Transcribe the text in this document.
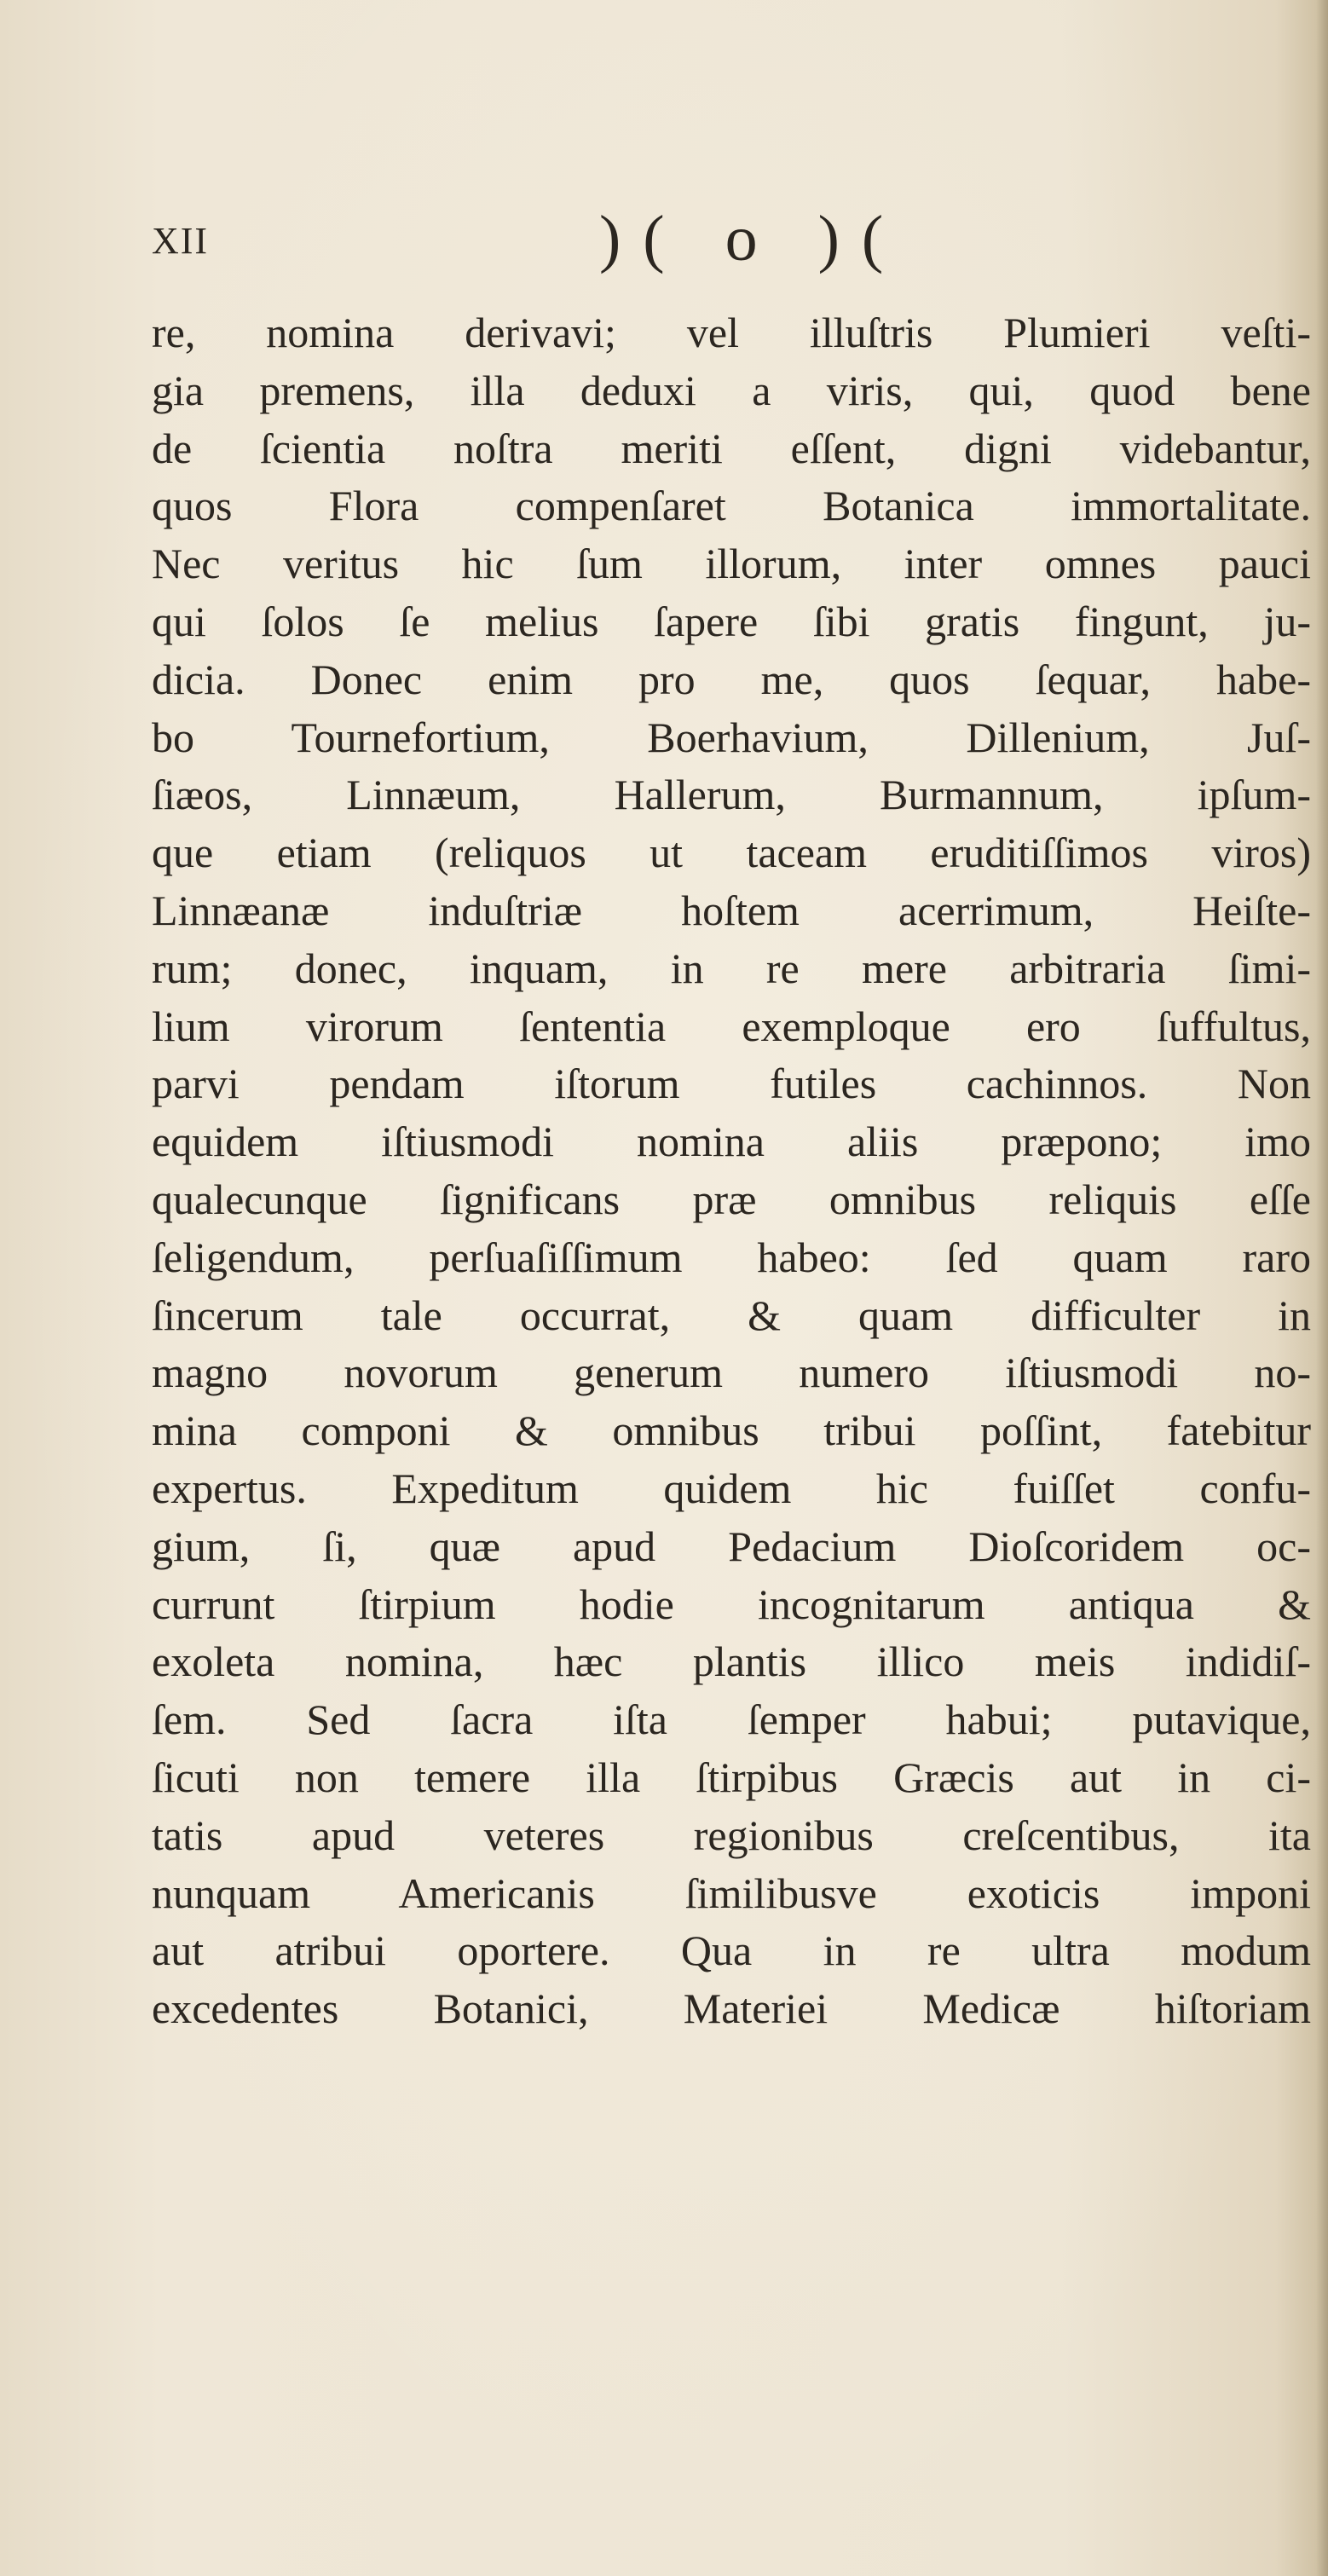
XII	)( o )(
re, nomina derivavi; vel illuſtris Plumieri veſti-
gia premens, illa deduxi a viris, qui, quod bene
de ſcientia noſtra meriti eſſent, digni videbantur,
quos Flora compenſaret Botanica immortalitate.
Nec veritus hic ſum illorum, inter omnes pauci
qui ſolos ſe melius ſapere ſibi gratis fingunt, ju-
dicia. Donec enim pro me, quos ſequar, habe-
bo Tournefortium, Boerhavium, Dillenium, Juſ-
ſiæos, Linnæum, Hallerum, Burmannum, ipſum-
que etiam (reliquos ut taceam eruditiſſimos viros)
Linnæanæ induſtriæ hoſtem acerrimum, Heiſte-
rum; donec, inquam, in re mere arbitraria ſimi-
lium virorum ſententia exemploque ero ſuffultus,
parvi pendam iſtorum futiles cachinnos. Non
equidem iſtiusmodi nomina aliis præpono; imo
qualecunque ſignificans præ omnibus reliquis eſſe
ſeligendum, perſuaſiſſimum habeo: ſed quam raro
ſincerum tale occurrat, & quam difficulter in
magno novorum generum numero iſtiusmodi no-
mina componi & omnibus tribui poſſint, fatebitur
expertus. Expeditum quidem hic fuiſſet confu-
gium, ſi, quæ apud Pedacium Dioſcoridem oc-
currunt ſtirpium hodie incognitarum antiqua &
exoleta nomina, hæc plantis illico meis indidiſ-
ſem. Sed ſacra iſta ſemper habui; putavique,
ſicuti non temere illa ſtirpibus Græcis aut in ci-
tatis apud veteres regionibus creſcentibus, ita
nunquam Americanis ſimilibusve exoticis imponi
aut atribui oportere. Qua in re ultra modum
excedentes Botanici, Materiei Medicæ hiſtoriam
